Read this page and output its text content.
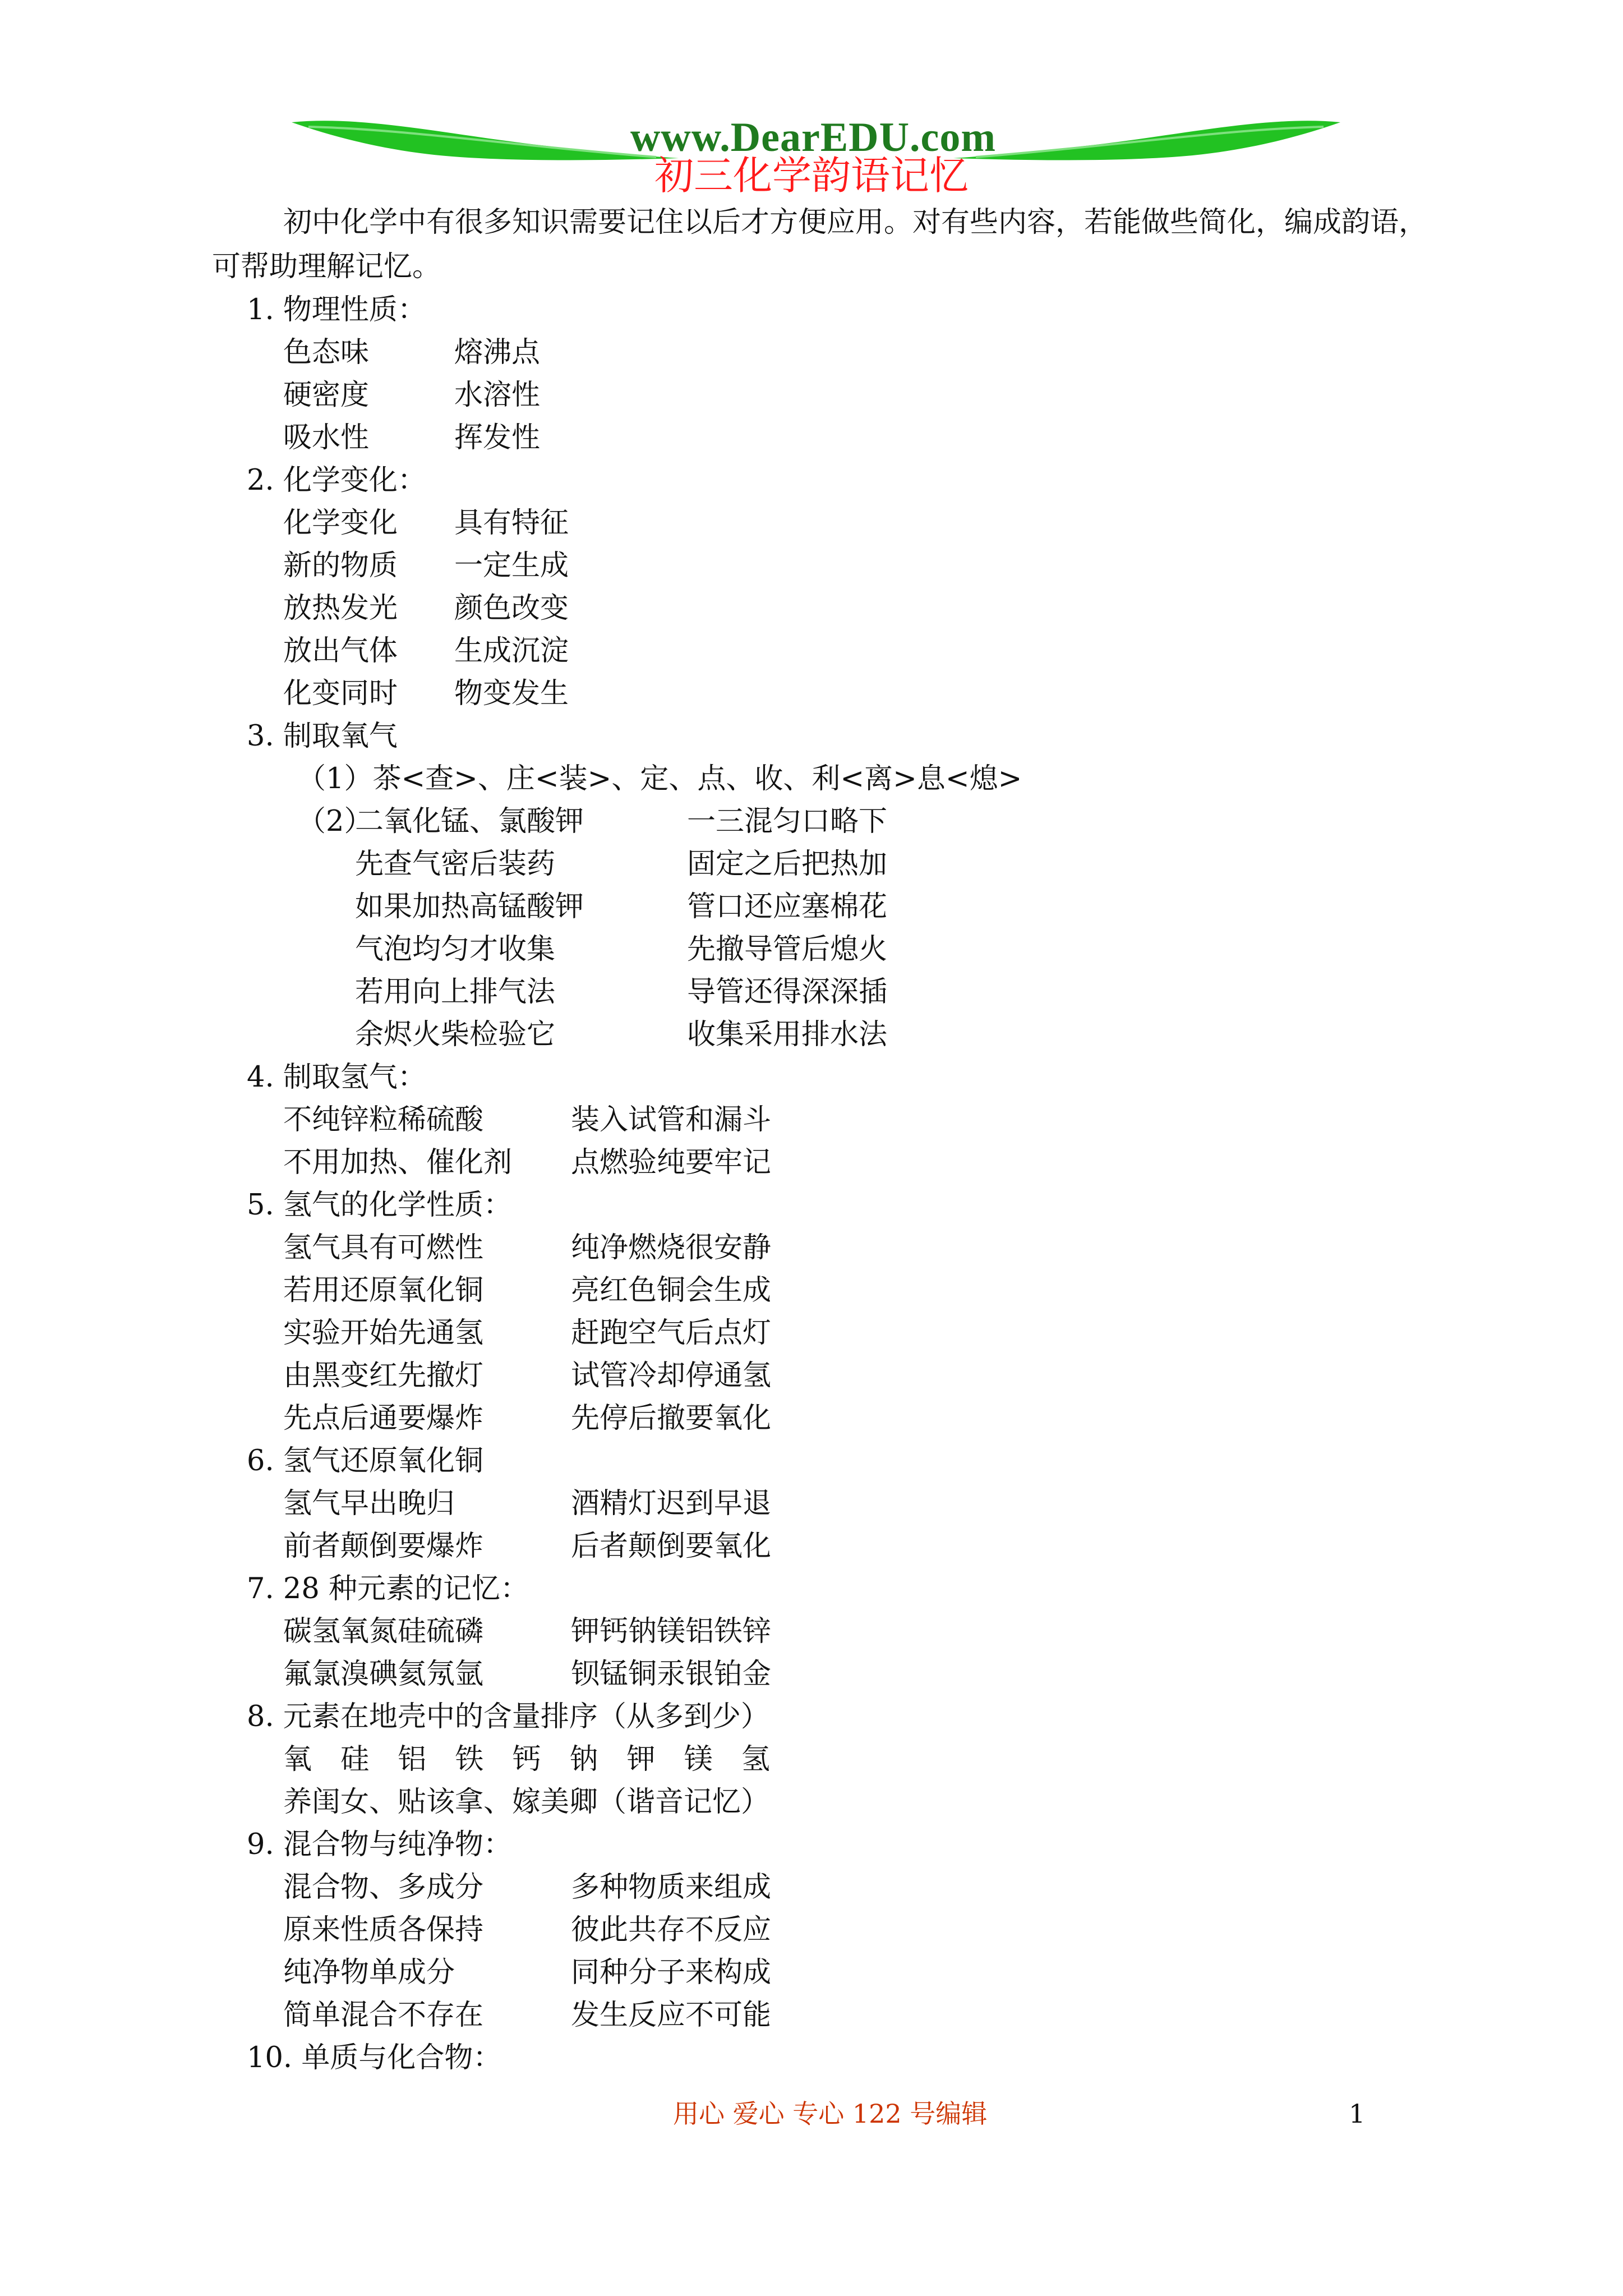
www.DearEDU.com
初三化学韵语记忆
初中化学中有很多知识需要记住以后才方便应用。对有些内容，若能做些简化，编成韵语，
可帮助理解记忆。
1. 物理性质：
色态味	熔沸点
硬密度	水溶性
吸水性	挥发性
2. 化学变化：
化学变化 具有特征
新的物质 一定生成
放热发光 颜色改变
放出气体 生成沉淀
化变同时 物变发生
3. 制取氧气
（1）茶<查>、庄<装>、定、点、收、利<离>息<熄>
（2）
二氧化锰、氯酸钾	一三混匀口略下
先查气密后装药	固定之后把热加
如果加热高锰酸钾	管口还应塞棉花
气泡均匀才收集	先撤导管后熄火
若用向上排气法	导管还得深深插
余烬火柴检验它	收集采用排水法
4. 制取氢气：
不纯锌粒稀硫酸	装入试管和漏斗
不用加热、催化剂 点燃验纯要牢记
5. 氢气的化学性质：
氢气具有可燃性	纯净燃烧很安静
若用还原氧化铜	亮红色铜会生成
实验开始先通氢	赶跑空气后点灯
由黑变红先撤灯	试管冷却停通氢
先点后通要爆炸	先停后撤要氧化
6. 氢气还原氧化铜
氢气早出晚归	酒精灯迟到早退
前者颠倒要爆炸	后者颠倒要氧化
7. 28 种元素的记忆：
碳氢氧氮硅硫磷	钾钙钠镁铝铁锌
氟氯溴碘氦氖氩	钡锰铜汞银铂金
8. 元素在地壳中的含量排序（从多到少）
氧 硅 铝 铁 钙 钠 钾 镁 氢
养闺女、贴该拿、嫁美卿（谐音记忆）
9. 混合物与纯净物：
混合物、多成分	多种物质来组成
原来性质各保持	彼此共存不反应
纯净物单成分	同种分子来构成
简单混合不存在	发生反应不可能
10. 单质与化合物：
用心 爱心 专心 122 号编辑	1
